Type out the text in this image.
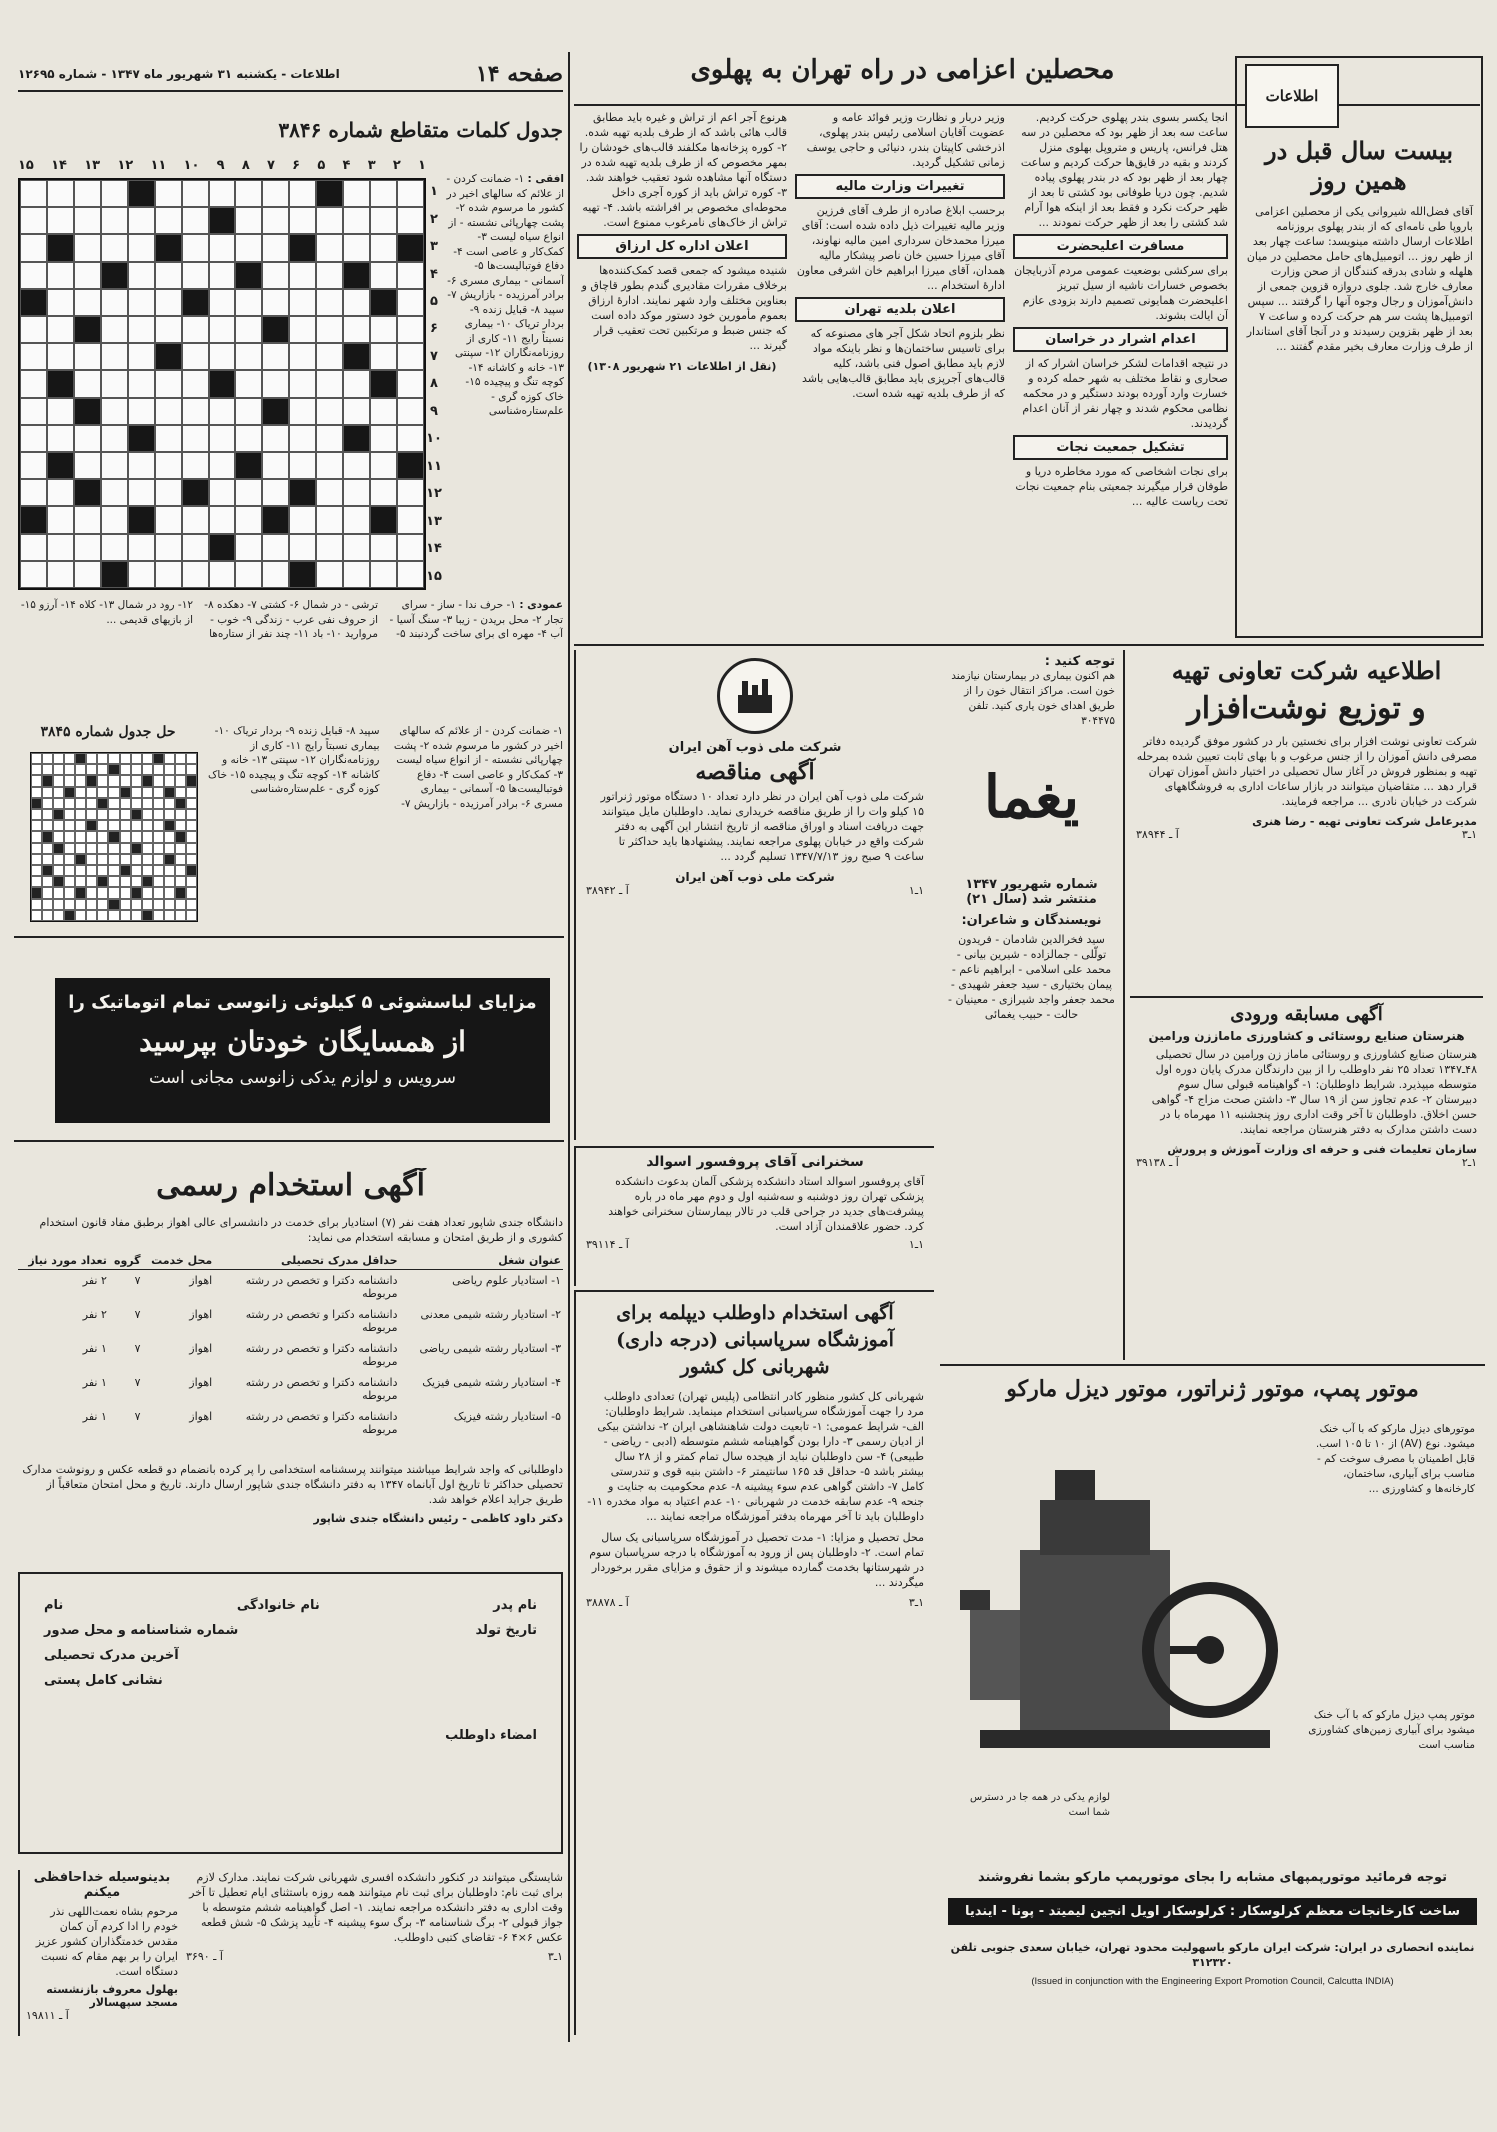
صفحه ۱۴
اطلاعات - یکشنبه ۳۱ شهریور ماه ۱۳۴۷ - شماره ۱۲۶۹۵
جدول کلمات متقاطع شماره ۳۸۴۶
۱
۲
۳
۴
۵
۶
۷
۸
۹
۱۰
۱۱
۱۲
۱۳
۱۴
۱۵
۱
۲
۳
۴
۵
۶
۷
۸
۹
۱۰
۱۱
۱۲
۱۳
۱۴
۱۵
افقی : ۱- ضمانت کردن - از علائم که سالهای اخیر در کشور ما مرسوم شده ۲- پشت چهارپائی نشسته - از انواع سیاه لیست ۳- کمک‌کار و عاصی است ۴- دفاع فوتبالیست‌ها ۵- آسمانی - بیماری مسری ۶- برادر آمرزیده - بازاریش ۷- سپید ۸- قبایل زنده ۹- بردار تریاک ۱۰- بیماری نسبتاً رایج ۱۱- کاری از روزنامه‌نگاران ۱۲- سپنتی ۱۳- خانه و کاشانه ۱۴- کوچه تنگ و پیچیده ۱۵- خاک کوزه گری - علم‌ستاره‌شناسی
عمودی : ۱- حرف ندا - ساز - سرای تجار ۲- محل بریدن - زیبا ۳- سنگ آسیا - آب ۴- مهره ای برای ساخت گردنبند ۵- ترشی - در شمال ۶- کشتی ۷- دهکده ۸- از حروف نفی عرب - زندگی ۹- خوب - مروارید ۱۰- باد ۱۱- چند نفر از ستاره‌ها ۱۲- رود در شمال ۱۳- کلاه ۱۴- آرزو ۱۵- از بازیهای قدیمی ...
حل جدول شماره ۳۸۴۵	۱- ضمانت کردن - از علائم که سالهای اخیر در کشور ما مرسوم شده ۲- پشت چهارپائی نشسته - از انواع سیاه لیست ۳- کمک‌کار و عاصی است ۴- دفاع فوتبالیست‌ها ۵- آسمانی - بیماری مسری ۶- برادر آمرزیده - بازاریش ۷- سپید ۸- قبایل زنده ۹- بردار تریاک ۱۰- بیماری نسبتاً رایج ۱۱- کاری از روزنامه‌نگاران ۱۲- سپنتی ۱۳- خانه و کاشانه ۱۴- کوچه تنگ و پیچیده ۱۵- خاک کوزه گری - علم‌ستاره‌شناسی
مزایای لباسشوئی ۵ کیلوئی زانوسی تمام اتوماتیک را
از همسایگان خودتان بپرسید
سرویس و لوازم یدکی زانوسی مجانی است
آگهی استخدام رسمی
دانشگاه جندی شاپور تعداد هفت نفر (۷) استادیار برای خدمت در دانشسرای عالی اهواز برطبق مفاد قانون استخدام کشوری و از طریق امتحان و مسابقه استخدام می نماید:
عنوان شغل	حداقل مدرک تحصیلی	محل خدمت	گروه	تعداد مورد نیاز
۱- استادیار علوم ریاضی	دانشنامه دکترا و تخصص در رشته مربوطه	اهواز	۷	۲ نفر
۲- استادیار رشته شیمی معدنی	دانشنامه دکترا و تخصص در رشته مربوطه	اهواز	۷	۲ نفر
۳- استادیار رشته شیمی ریاضی	دانشنامه دکترا و تخصص در رشته مربوطه	اهواز	۷	۱ نفر
۴- استادیار رشته شیمی فیزیک	دانشنامه دکترا و تخصص در رشته مربوطه	اهواز	۷	۱ نفر
۵- استادیار رشته فیزیک	دانشنامه دکترا و تخصص در رشته مربوطه	اهواز	۷	۱ نفر
داوطلبانی که واجد شرایط میباشند میتوانند پرسشنامه استخدامی را پر کرده بانضمام دو قطعه عکس و رونوشت مدارک تحصیلی حداکثر تا تاریخ اول آبانماه ۱۳۴۷ به دفتر دانشگاه جندی شاپور ارسال دارند. تاریخ و محل امتحان متعاقباً از طریق جراید اعلام خواهد شد.
دکتر داود کاظمی - رئیس دانشگاه جندی شاپور
نام	نام خانوادگی	نام پدر
شماره شناسنامه و محل صدور	تاریخ تولد
آخرین مدرک تحصیلی
نشانی کامل پستی
امضاء داوطلب
بدینوسیله خداحافظی میکنم
مرحوم بشاه نعمت‌اللهی نذر خودم را ادا کردم آن کمان مقدس خدمتگذاران کشور عزیز ایران را بر بهم مقام که نسبت دستگاه است.
بهلول معروف بازنشسته مسجد سپهسالار
آ ـ ۱۹۸۱۱
شایستگی میتوانند در کنکور دانشکده افسری شهربانی شرکت نمایند. مدارک لازم برای ثبت نام: داوطلبان برای ثبت نام میتوانند همه روزه باستثنای ایام تعطیل تا آخر وقت اداری به دفتر دانشکده مراجعه نمایند. ۱- اصل گواهینامه ششم متوسطه با جواز قبولی ۲- برگ شناسنامه ۳- برگ سوء پیشینه ۴- تأیید پزشک ۵- شش قطعه عکس ۶×۴ ۶- تقاضای کتبی داوطلب.
۱ـ۳
آ ـ ۳۶۹۰
محصلین اعزامی در راه تهران به پهلوی
انجا یکسر بسوی بندر پهلوی حرکت کردیم. ساعت سه بعد از ظهر بود که محصلین در سه هتل فرانس، پاریس و متروپل بهلوی منزل کردند و بقیه در قایق‌ها حرکت کردیم و ساعت چهار بعد از ظهر بود که در بندر پهلوی پیاده شدیم. چون دریا طوفانی بود کشتی تا بعد از ظهر حرکت نکرد و فقط بعد از اینکه هوا آرام شد کشتی را بعد از ظهر حرکت نمودند ...
مسافرت اعلیحضرت
برای سرکشی بوضعیت عمومی مردم آذربایجان بخصوص خسارات ناشیه از سیل تبریز اعلیحضرت همایونی تصمیم دارند بزودی عازم آن ایالت بشوند.
اعدام اشرار در خراسان
در نتیجه اقدامات لشکر خراسان اشرار که از صحاری و نقاط مختلف به شهر حمله کرده و خسارت وارد آورده بودند دستگیر و در محکمه نظامی محکوم شدند و چهار نفر از آنان اعدام گردیدند.
تشکیل جمعیت نجات
برای نجات اشخاصی که مورد مخاطره دریا و طوفان قرار میگیرند جمعیتی بنام جمعیت نجات تحت ریاست عالیه ...
وزیر دربار و نظارت وزیر فوائد عامه و عضویت آقایان اسلامی رئیس بندر پهلوی، اذرخشی کاپیتان بندر، دنیائی و حاجی یوسف زمانی تشکیل گردید.
تغییرات وزارت مالیه
برحسب ابلاغ صادره از طرف آقای فرزین وزیر مالیه تغییرات ذیل داده شده است: آقای میرزا محمدخان سرداری امین مالیه نهاوند، آقای میرزا حسین خان ناصر پیشکار مالیه همدان، آقای میرزا ابراهیم خان اشرفی معاون ادارۀ استخدام ...
اعلان بلدیه تهران
نظر بلزوم اتحاد شکل آجر های مصنوعه که برای تاسیس ساختمان‌ها و نظر باینکه مواد لازم باید مطابق اصول فنی باشد، کلیه قالب‌های آجرپزی باید مطابق قالب‌هایی باشد که از طرف بلدیه تهیه شده است.
هرنوع آجر اعم از تراش و غیره باید مطابق قالب هائی باشد که از طرف بلدیه تهیه شده. ۲- کوره پزخانه‌ها مکلفند قالب‌های خودشان را بمهر مخصوص که از طرف بلدیه تهیه شده در دستگاه آنها مشاهده شود تعقیب خواهند شد. ۳- کوره تراش باید از کوره آجری داخل محوطه‌ای مخصوص بر افراشته باشد. ۴- تهیه تراش از خاک‌های نامرغوب ممنوع است.
اعلان اداره کل ارزاق
شنیده میشود که جمعی قصد کمک‌کننده‌ها برخلاف مقررات مقادیری گندم بطور قاچاق و بعناوین مختلف وارد شهر نمایند. ادارۀ ارزاق بعموم مأمورین خود دستور موکد داده است که جنس ضبط و مرتکبین تحت تعقیب قرار گیرند ...
(نقل از اطلاعات ۲۱ شهریور ۱۳۰۸)
اطلاعات
بیست سال قبل در همین روز
آقای فضل‌الله شیروانی یکی از محصلین اعزامی باروپا طی نامه‌ای که از بندر پهلوی بروزنامه اطلاعات ارسال داشته مینویسد: ساعت چهار بعد از ظهر روز ... اتومبیل‌های حامل محصلین در میان هلهله و شادی بدرقه کنندگان از صحن وزارت معارف خارج شد. جلوی دروازه قزوین جمعی از دانش‌آموزان و رجال وجوه آنها را گرفتند ... سپس اتومبیل‌ها پشت سر هم حرکت کرده و ساعت ۷ بعد از ظهر بقزوین رسیدند و در آنجا آقای استاندار از طرف وزارت معارف بخیر مقدم گفتند ...
شرکت ملی ذوب آهن ایران
آگهی مناقصه
شرکت ملی ذوب آهن ایران در نظر دارد تعداد ۱۰ دستگاه موتور ژنراتور ۱۵ کیلو وات را از طریق مناقصه خریداری نماید. داوطلبان مایل میتوانند جهت دریافت اسناد و اوراق مناقصه از تاریخ انتشار این آگهی به دفتر شرکت واقع در خیابان پهلوی مراجعه نمایند. پیشنهادها باید حداکثر تا ساعت ۹ صبح روز ۱۳۴۷/۷/۱۳ تسلیم گردد ...
شرکت ملی ذوب آهن ایران
۱ـ۱
آ ـ ۳۸۹۴۲
سخنرانی آقای پروفسور اسوالد
آقای پروفسور اسوالد استاد دانشکده پزشکی آلمان بدعوت دانشکده پزشکی تهران روز دوشنبه و سه‌شنبه اول و دوم مهر ماه در باره پیشرفت‌های جدید در جراحی قلب در تالار بیمارستان سخنرانی خواهند کرد. حضور علاقمندان آزاد است.
۱ـ۱
آ ـ ۳۹۱۱۴
آگهی استخدام داوطلب دیپلمه برای آموزشگاه سرپاسبانی (درجه داری) شهربانی کل کشور
شهربانی کل کشور منظور کادر انتظامی (پلیس تهران) تعدادی داوطلب مرد را جهت آموزشگاه سرپاسبانی استخدام مینماید. شرایط داوطلبان: الف- شرایط عمومی: ۱- تابعیت دولت شاهنشاهی ایران ۲- نداشتن بیکی از ادیان رسمی ۳- دارا بودن گواهینامه ششم متوسطه (ادبی - ریاضی - طبیعی) ۴- سن داوطلبان نباید از هیجده سال تمام کمتر و از ۲۸ سال بیشتر باشد ۵- حداقل قد ۱۶۵ سانتیمتر ۶- داشتن بنیه قوی و تندرستی کامل ۷- داشتن گواهی عدم سوء پیشینه ۸- عدم محکومیت به جنایت و جنحه ۹- عدم سابقه خدمت در شهربانی ۱۰- عدم اعتیاد به مواد مخدره ۱۱- داوطلبان باید تا آخر مهرماه بدفتر آموزشگاه مراجعه نمایند ...
محل تحصیل و مزایا: ۱- مدت تحصیل در آموزشگاه سرپاسبانی یک سال تمام است. ۲- داوطلبان پس از ورود به آموزشگاه با درجه سرپاسبان سوم در شهرستانها بخدمت گمارده میشوند و از حقوق و مزایای مقرر برخوردار میگردند ...
۱ـ۳
آ ـ ۳۸۸۷۸
اطلاعیه شرکت تعاونی تهیه
و توزیع نوشت‌افزار
شرکت تعاونی نوشت افزار برای نخستین بار در کشور موفق گردیده دفاتر مصرفی دانش آموزان را از جنس مرغوب و با بهای ثابت تعیین شده بمرحله تهیه و بمنظور فروش در آغاز سال تحصیلی در اختیار دانش آموزان تهران قرار دهد ... متقاضیان میتوانند در بازار ساعات اداری به فروشگاههای شرکت در خیابان نادری ... مراجعه فرمایند.
مدیرعامل شرکت تعاونی تهیه - رضا هنری
۱ـ۳
آ ـ ۳۸۹۴۴
توجه کنید :
هم اکنون بیماری در بیمارستان نیازمند خون است. مراکز انتقال خون را از طریق اهدای خون یاری کنید. تلفن ۳۰۴۴۷۵
یغما
شماره شهریور ۱۳۴۷ منتشر شد (سال ۲۱)
نویسندگان و شاعران:
سید فخرالدین شادمان - فریدون تولّلی - جمالزاده - شیرین بیانی - محمد علی اسلامی - ابراهیم ناعم - پیمان بختیاری - سید جعفر شهیدی - محمد جعفر واجد شیرازی - معینیان - حالت - حبیب یغمائی	آگهی مسابقه ورودی
هنرستان صنایع روستائی و کشاورزی ماماززن ورامین
هنرستان صنایع کشاورزی و روستائی ماماز زن ورامین در سال تحصیلی ۴۸ـ۱۳۴۷ تعداد ۲۵ نفر داوطلب را از بین دارندگان مدرک پایان دوره اول متوسطه میپذیرد. شرایط داوطلبان: ۱- گواهینامه قبولی سال سوم دبیرستان ۲- عدم تجاوز سن از ۱۹ سال ۳- داشتن صحت مزاج ۴- گواهی حسن اخلاق. داوطلبان تا آخر وقت اداری روز پنجشنبه ۱۱ مهرماه با در دست داشتن مدارک به دفتر هنرستان مراجعه نمایند.
سازمان تعلیمات فنی و حرفه ای وزارت آموزش و پرورش
۱ـ۲
آ ـ ۳۹۱۳۸
موتور پمپ، موتور ژنراتور، موتور دیزل مارکو
موتورهای دیزل مارکو که با آب خنک میشود. نوع (AV) از ۱۰ تا ۱۰۵ اسب. قابل اطمینان با مصرف سوخت کم - مناسب برای آبیاری، ساختمان، کارخانه‌ها و کشاورزی ...
موتور پمپ دیزل مارکو که با آب خنک میشود برای آبیاری زمین‌های کشاورزی مناسب است
لوازم یدکی در همه جا در دسترس شما است
توجه فرمائید موتورپمپهای مشابه را بجای موتورپمپ مارکو بشما نفروشند
ساخت کارخانجات معظم کرلوسکار : کرلوسکار اویل انجین لیمیتد - پونا - ایندیا
نماینده انحصاری در ایران: شرکت ایران مارکو باسهولیت محدود تهران، خیابان سعدی جنوبی تلفن ۳۱۲۳۲۰
(Issued in conjunction with the Engineering Export Promotion Council, Calcutta INDIA)
